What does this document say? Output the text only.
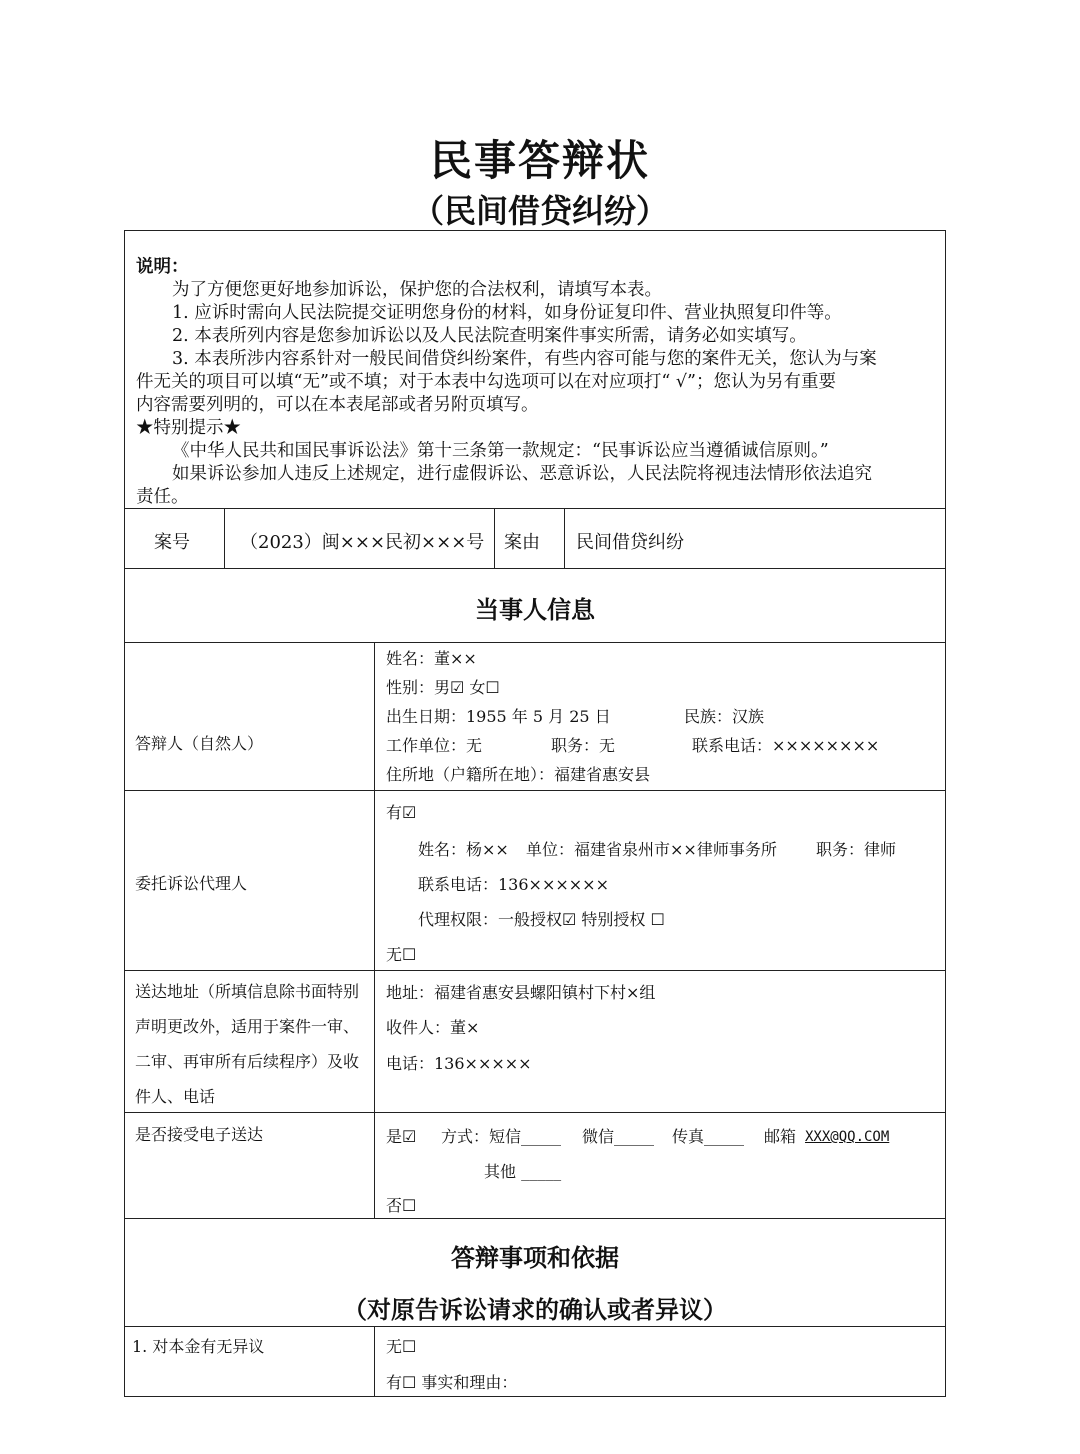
民事答辩状
（民间借贷纠纷）
说明：
为了方便您更好地参加诉讼，保护您的合法权利，请填写本表。
1. 应诉时需向人民法院提交证明您身份的材料，如身份证复印件、营业执照复印件等。
2. 本表所列内容是您参加诉讼以及人民法院查明案件事实所需，请务必如实填写。
3. 本表所涉内容系针对一般民间借贷纠纷案件，有些内容可能与您的案件无关，您认为与案
件无关的项目可以填“无”或不填；对于本表中勾选项可以在对应项打“ √”；您认为另有重要
内容需要列明的，可以在本表尾部或者另附页填写。
★特别提示★
《中华人民共和国民事诉讼法》第十三条第一款规定：“民事诉讼应当遵循诚信原则。”
如果诉讼参加人违反上述规定，进行虚假诉讼、恶意诉讼，人民法院将视违法情形依法追究
责任。
案号	（2023）闽×××民初×××号 案由 民间借贷纠纷
当事人信息
答辩人（自然人）
姓名：董××
性别：男☑ 女☐
出生日期：1955 年 5 月 25 日	民族：汉族
工作单位：无	职务：无	联系电话：××××××××
住所地（户籍所在地）：福建省惠安县
委托诉讼代理人
有☑
姓名：杨×× 单位：福建省泉州市××律师事务所 职务：律师
联系电话：136××××××
代理权限：一般授权☑ 特别授权 ☐
无☐
送达地址（所填信息除书面特别
声明更改外，适用于案件一审、
二审、再审所有后续程序）及收
件人、电话
地址：福建省惠安县螺阳镇村下村×组
收件人：董×
电话：136×××××
是否接受电子送达	是☑ 方式：短信_____ 微信_____ 传真_____ 邮箱 XXX@QQ.COM
其他 _____
否☐
答辩事项和依据
（对原告诉讼请求的确认或者异议）
1. 对本金有无异议	无☐
有☐ 事实和理由：
